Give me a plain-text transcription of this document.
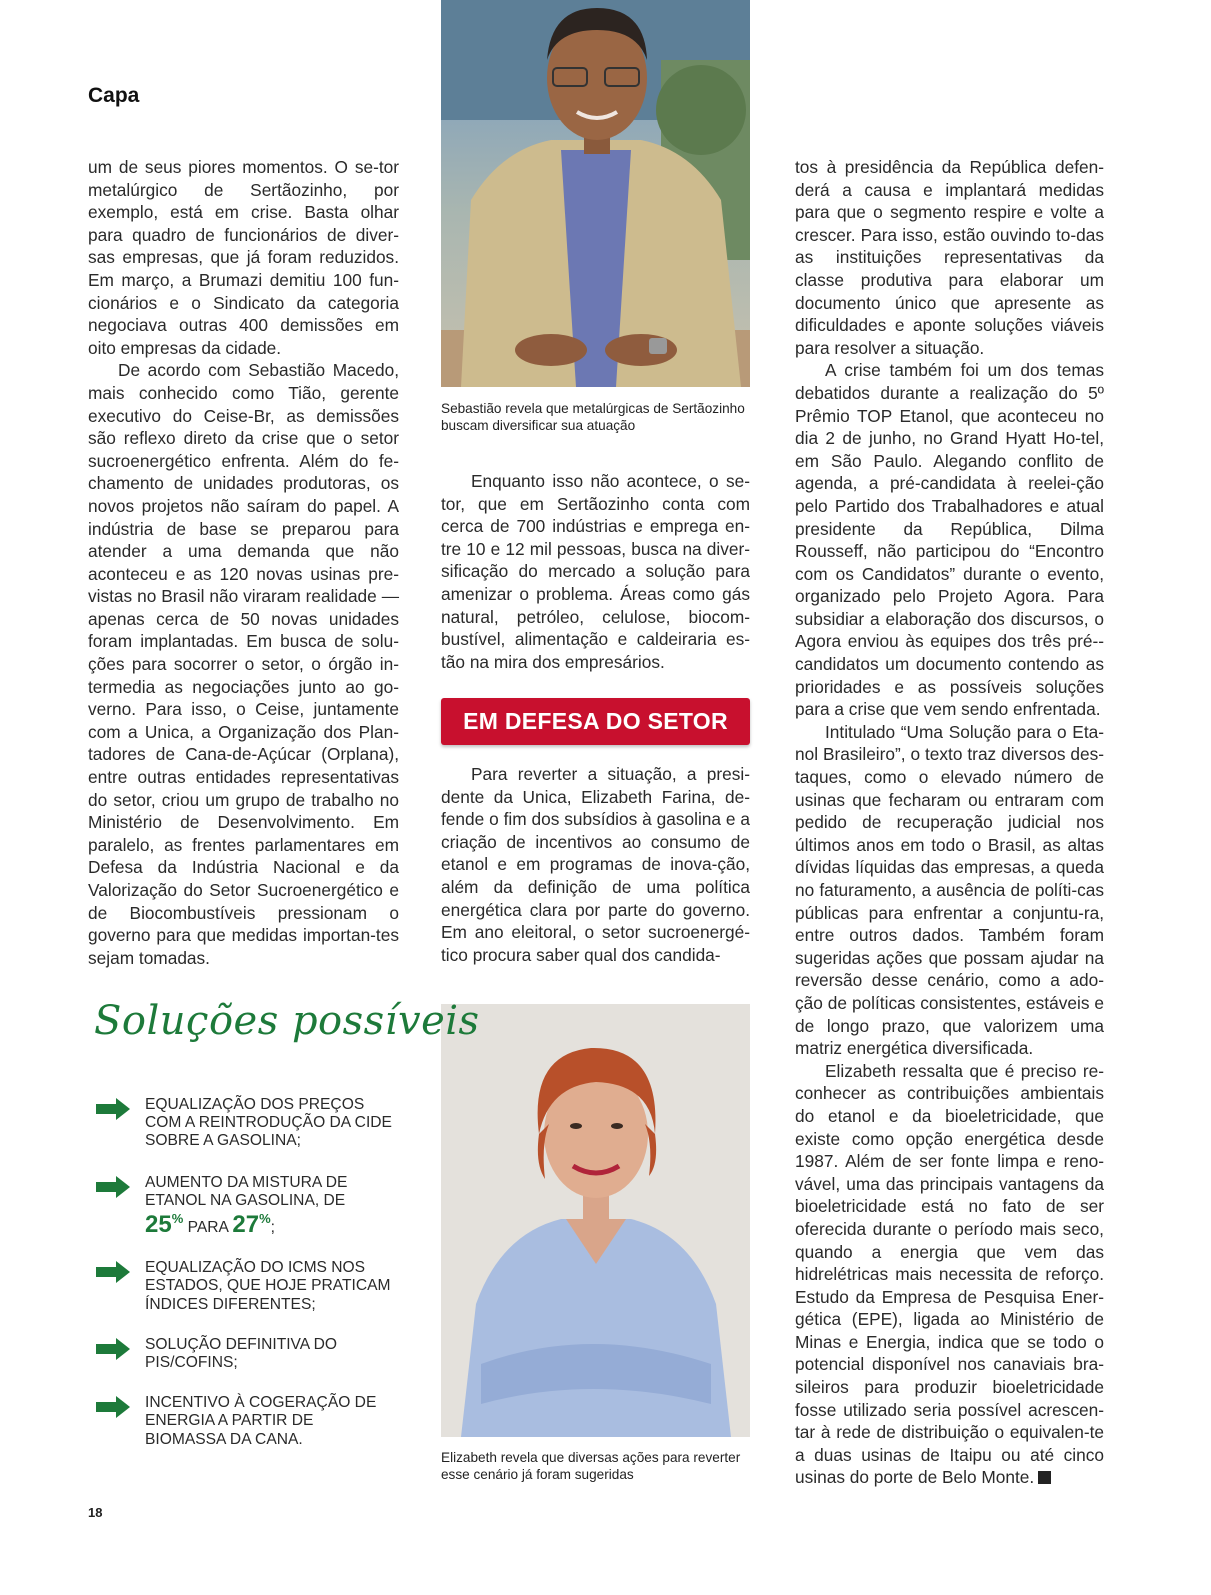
Capa

um de seus piores momentos. O se-tor metalúrgico de Sertãozinho, por exemplo, está em crise. Basta olhar para quadro de funcionários de diver-sas empresas, que já foram reduzidos. Em março, a Brumazi demitiu 100 fun-cionários e o Sindicato da categoria negociava outras 400 demissões em oito empresas da cidade.

De acordo com Sebastião Macedo, mais conhecido como Tião, gerente executivo do Ceise-Br, as demissões são reflexo direto da crise que o setor sucroenergético enfrenta. Além do fe-chamento de unidades produtoras, os novos projetos não saíram do papel. A indústria de base se preparou para atender a uma demanda que não aconteceu e as 120 novas usinas pre-vistas no Brasil não viraram realidade —apenas cerca de 50 novas unidades foram implantadas. Em busca de solu-ções para socorrer o setor, o órgão in-termedia as negociações junto ao go-verno. Para isso, o Ceise, juntamente com a Unica, a Organização dos Plan-tadores de Cana-de-Açúcar (Orplana), entre outras entidades representativas do setor, criou um grupo de trabalho no Ministério de Desenvolvimento. Em paralelo, as frentes parlamentares em Defesa da Indústria Nacional e da Valorização do Setor Sucroenergético e de Biocombustíveis pressionam o governo para que medidas importan-tes sejam tomadas.

Sebastião revela que metalúrgicas de Sertãozinho buscam diversificar sua atuação

Enquanto isso não acontece, o se-tor, que em Sertãozinho conta com cerca de 700 indústrias e emprega en-tre 10 e 12 mil pessoas, busca na diver-sificação do mercado a solução para amenizar o problema. Áreas como gás natural, petróleo, celulose, biocom-bustível, alimentação e caldeiraria es-tão na mira dos empresários.

EM DEFESA DO SETOR

Para reverter a situação, a presi-dente da Unica, Elizabeth Farina, de-fende o fim dos subsídios à gasolina e a criação de incentivos ao consumo de etanol e em programas de inova-ção, além da definição de uma política energética clara por parte do governo. Em ano eleitoral, o setor sucroenergé-tico procura saber qual dos candida-

Elizabeth revela que diversas ações para reverter esse cenário já foram sugeridas

tos à presidência da República defen-derá a causa e implantará medidas para que o segmento respire e volte a crescer. Para isso, estão ouvindo to-das as instituições representativas da classe produtiva para elaborar um documento único que apresente as dificuldades e aponte soluções viáveis para resolver a situação.

A crise também foi um dos temas debatidos durante a realização do 5º Prêmio TOP Etanol, que aconteceu no dia 2 de junho, no Grand Hyatt Ho-tel, em São Paulo. Alegando conflito de agenda, a pré-candidata à reelei-ção pelo Partido dos Trabalhadores e atual presidente da República, Dilma Rousseff, não participou do “Encontro com os Candidatos” durante o evento, organizado pelo Projeto Agora. Para subsidiar a elaboração dos discursos, o Agora enviou às equipes dos três pré--candidatos um documento contendo as prioridades e as possíveis soluções para a crise que vem sendo enfrentada.

Intitulado “Uma Solução para o Eta-nol Brasileiro”, o texto traz diversos des-taques, como o elevado número de usinas que fecharam ou entraram com pedido de recuperação judicial nos últimos anos em todo o Brasil, as altas dívidas líquidas das empresas, a queda no faturamento, a ausência de políti-cas públicas para enfrentar a conjuntu-ra, entre outros dados. Também foram sugeridas ações que possam ajudar na reversão desse cenário, como a ado-ção de políticas consistentes, estáveis e de longo prazo, que valorizem uma matriz energética diversificada.

Elizabeth ressalta que é preciso re-conhecer as contribuições ambientais do etanol e da bioeletricidade, que existe como opção energética desde 1987. Além de ser fonte limpa e reno-vável, uma das principais vantagens da bioeletricidade está no fato de ser oferecida durante o período mais seco, quando a energia que vem das hidrelétricas mais necessita de reforço. Estudo da Empresa de Pesquisa Ener-gética (EPE), ligada ao Ministério de Minas e Energia, indica que se todo o potencial disponível nos canaviais bra-sileiros para produzir bioeletricidade fosse utilizado seria possível acrescen-tar à rede de distribuição o equivalen-te a duas usinas de Itaipu ou até cinco usinas do porte de Belo Monte.

Soluções possíveis
EQUALIZAÇÃO DOS PREÇOS COM A REINTRODUÇÃO DA CIDE SOBRE A GASOLINA;
AUMENTO DA MISTURA DE ETANOL NA GASOLINA, DE
25% PARA 27%;
EQUALIZAÇÃO DO ICMS NOS ESTADOS, QUE HOJE PRATICAM ÍNDICES DIFERENTES;
SOLUÇÃO DEFINITIVA DO PIS/COFINS;
INCENTIVO À COGERAÇÃO DE ENERGIA A PARTIR DE BIOMASSA DA CANA.
18
